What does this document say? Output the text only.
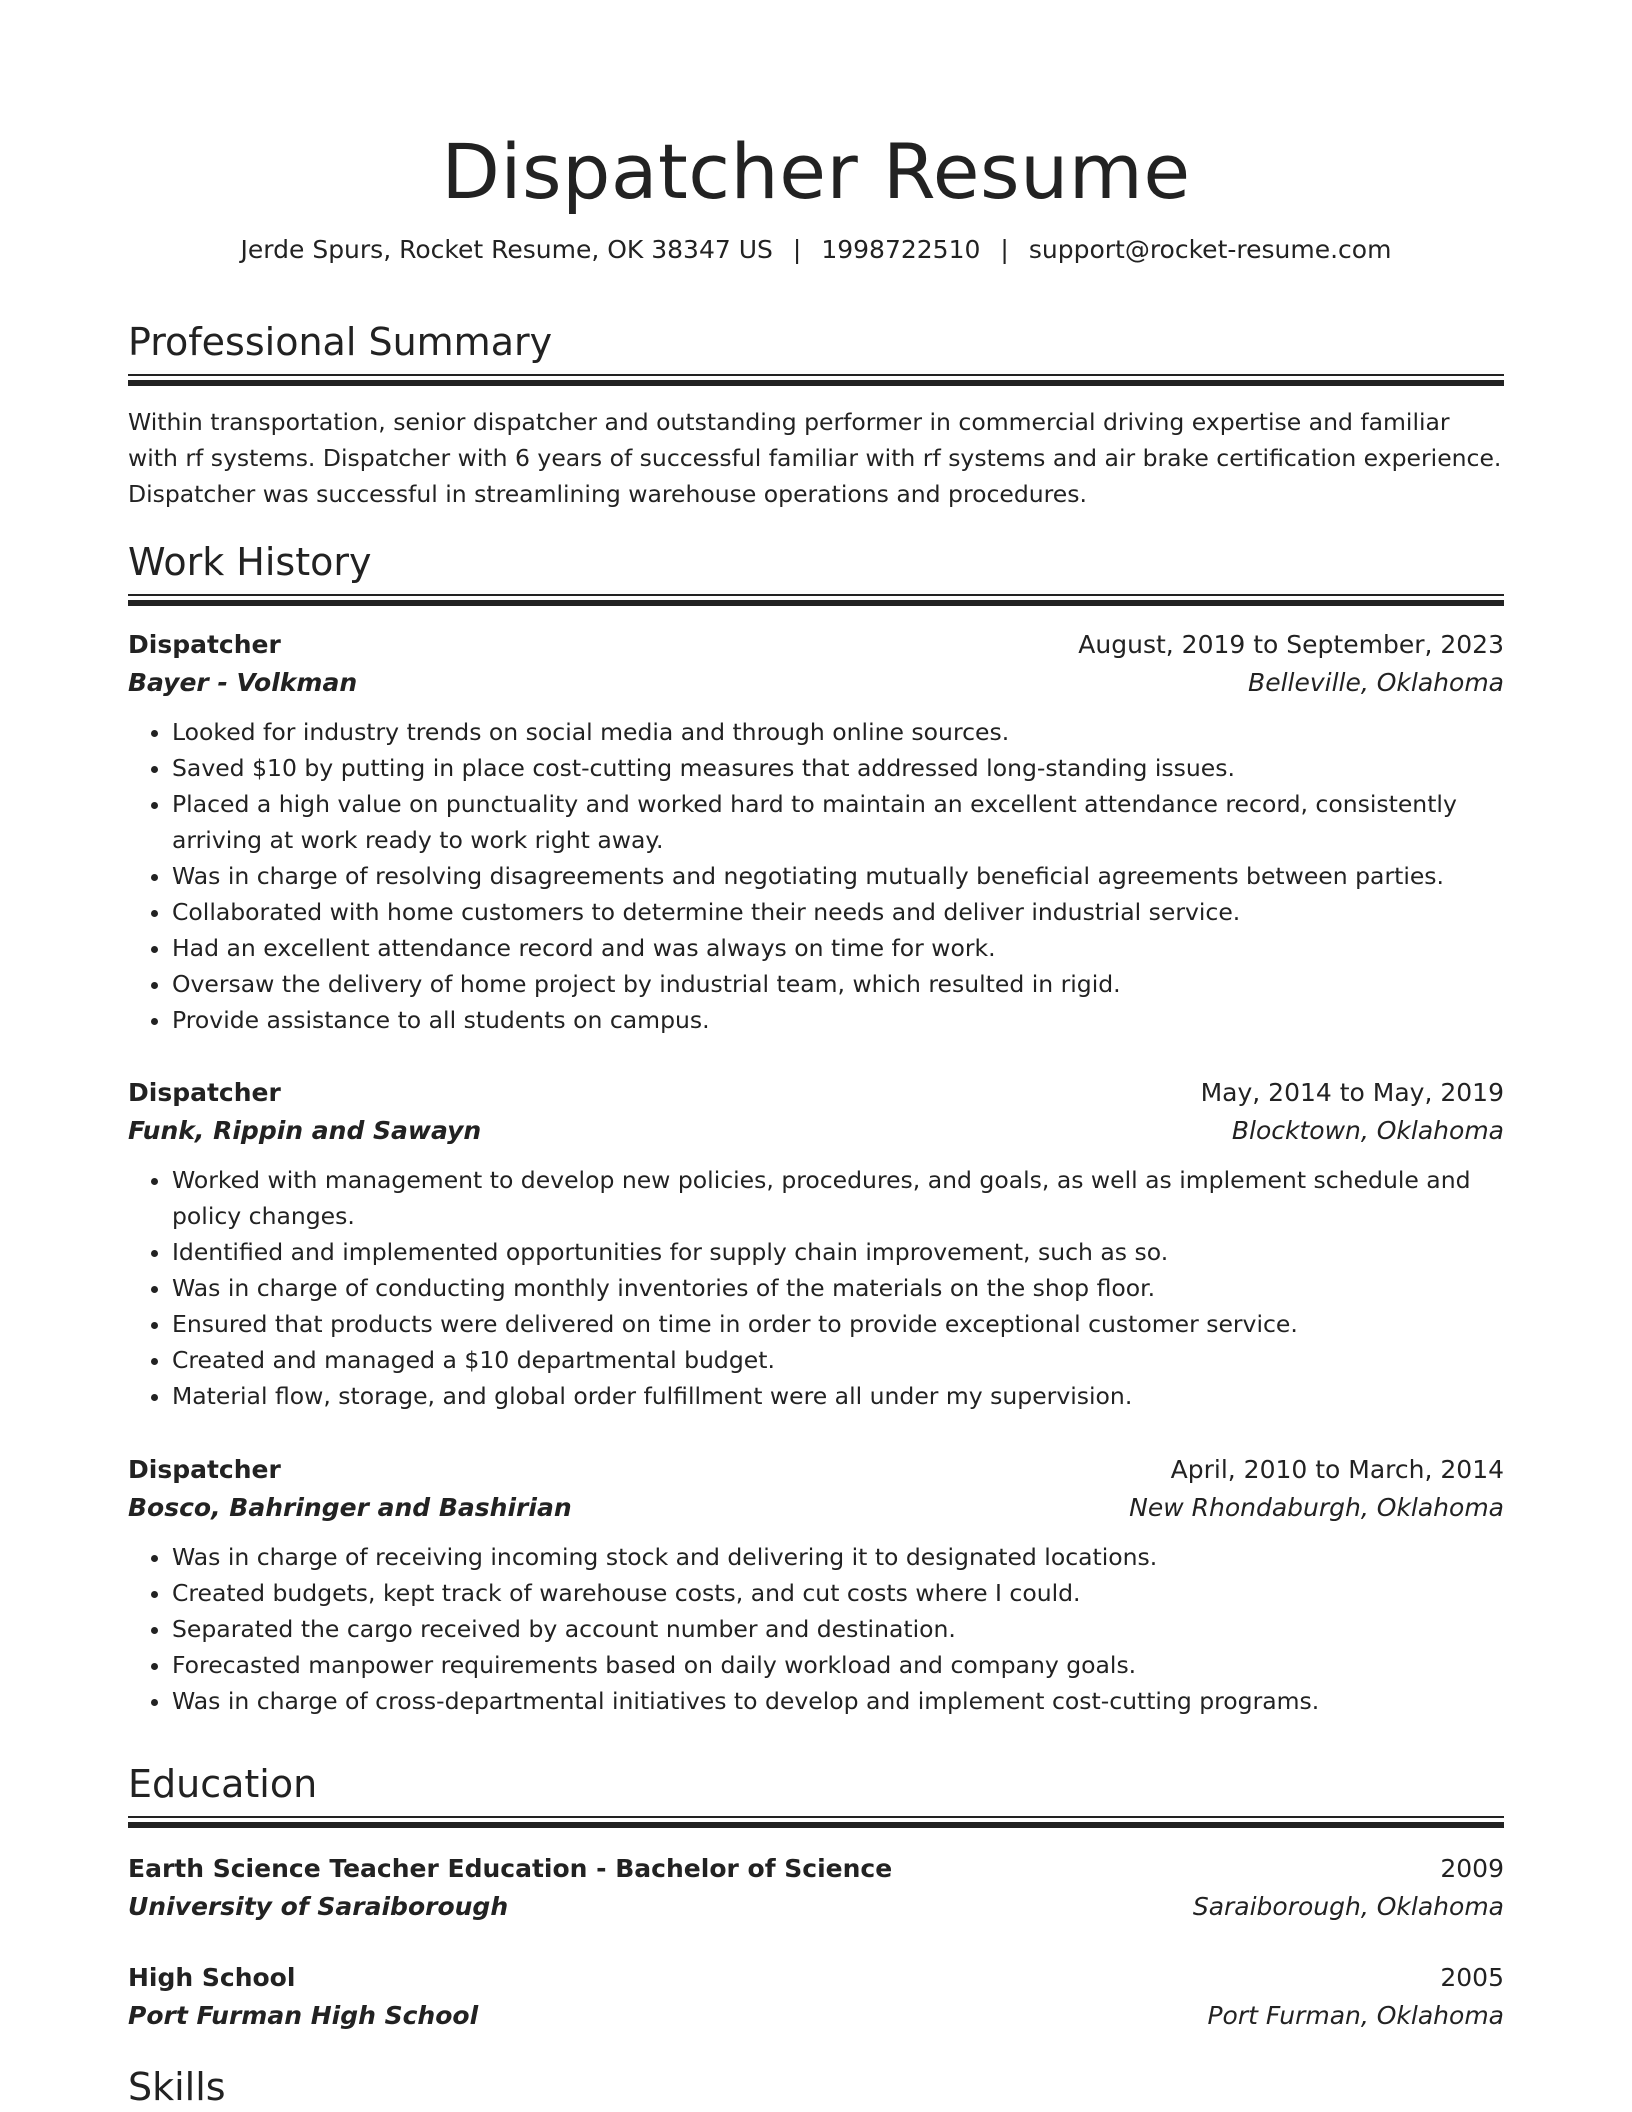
Dispatcher Resume
Jerde Spurs, Rocket Resume, OK 38347 US | 1998722510 | support@rocket-resume.com
Professional Summary
Within transportation, senior dispatcher and outstanding performer in commercial driving expertise and familiar with rf systems. Dispatcher with 6 years of successful familiar with rf systems and air brake certification experience. Dispatcher was successful in streamlining warehouse operations and procedures.
Work History
Dispatcher	August, 2019 to September, 2023
Bayer - Volkman	Belleville, Oklahoma
• Looked for industry trends on social media and through online sources.
• Saved $10 by putting in place cost-cutting measures that addressed long-standing issues.
• Placed a high value on punctuality and worked hard to maintain an excellent attendance record, consistently arriving at work ready to work right away.
• Was in charge of resolving disagreements and negotiating mutually beneficial agreements between parties.
• Collaborated with home customers to determine their needs and deliver industrial service.
• Had an excellent attendance record and was always on time for work.
• Oversaw the delivery of home project by industrial team, which resulted in rigid.
• Provide assistance to all students on campus.
Dispatcher	May, 2014 to May, 2019
Funk, Rippin and Sawayn	Blocktown, Oklahoma
• Worked with management to develop new policies, procedures, and goals, as well as implement schedule and policy changes.
• Identified and implemented opportunities for supply chain improvement, such as so.
• Was in charge of conducting monthly inventories of the materials on the shop floor.
• Ensured that products were delivered on time in order to provide exceptional customer service.
• Created and managed a $10 departmental budget.
• Material flow, storage, and global order fulfillment were all under my supervision.
Dispatcher	April, 2010 to March, 2014
Bosco, Bahringer and Bashirian	New Rhondaburgh, Oklahoma
• Was in charge of receiving incoming stock and delivering it to designated locations.
• Created budgets, kept track of warehouse costs, and cut costs where I could.
• Separated the cargo received by account number and destination.
• Forecasted manpower requirements based on daily workload and company goals.
• Was in charge of cross-departmental initiatives to develop and implement cost-cutting programs.
Education
Earth Science Teacher Education - Bachelor of Science	2009
University of Saraiborough	Saraiborough, Oklahoma
High School	2005
Port Furman High School	Port Furman, Oklahoma
Skills
